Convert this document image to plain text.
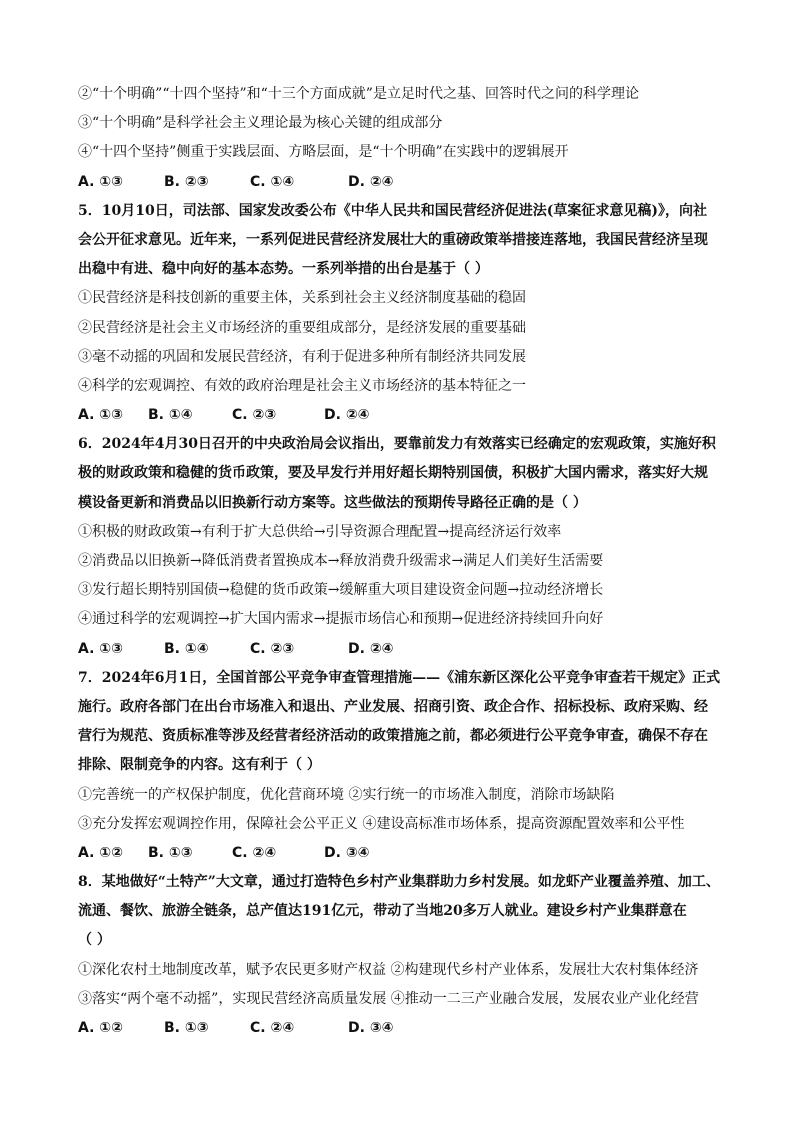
②“十个明确”“十四个坚持”和“十三个方面成就”是立足时代之基、回答时代之问的科学理论
③“十个明确”是科学社会主义理论最为核心关键的组成部分
④“十四个坚持”侧重于实践层面、方略层面，是“十个明确”在实践中的逻辑展开
A. ①③	B. ②③	C. ①④	D. ②④
5．10月10日，司法部、国家发改委公布《中华人民共和国民营经济促进法(草案征求意见稿)》，向社
会公开征求意见。近年来，一系列促进民营经济发展壮大的重磅政策举措接连落地，我国民营经济呈现
出稳中有进、稳中向好的基本态势。一系列举措的出台是基于（ ）
①民营经济是科技创新的重要主体，关系到社会主义经济制度基础的稳固
②民营经济是社会主义市场经济的重要组成部分，是经济发展的重要基础
③毫不动摇的巩固和发展民营经济，有利于促进多种所有制经济共同发展
④科学的宏观调控、有效的政府治理是社会主义市场经济的基本特征之一
A. ①③ B. ①④	C. ②③	D. ②④
6．2024年4月30日召开的中央政治局会议指出，要靠前发力有效落实已经确定的宏观政策，实施好积
极的财政政策和稳健的货币政策，要及早发行并用好超长期特别国债，积极扩大国内需求，落实好大规
模设备更新和消费品以旧换新行动方案等。这些做法的预期传导路径正确的是（ ）
①积极的财政政策→有利于扩大总供给→引导资源合理配置→提高经济运行效率
②消费品以旧换新→降低消费者置换成本→释放消费升级需求→满足人们美好生活需要
③发行超长期特别国债→稳健的货币政策→缓解重大项目建设资金问题→拉动经济增长
④通过科学的宏观调控→扩大国内需求→提振市场信心和预期→促进经济持续回升向好
A. ①③	B. ①④	C. ②③	D. ②④
7．2024年6月1日，全国首部公平竞争审查管理措施——《浦东新区深化公平竞争审查若干规定》正式
施行。政府各部门在出台市场准入和退出、产业发展、招商引资、政企合作、招标投标、政府采购、经
营行为规范、资质标准等涉及经营者经济活动的政策措施之前，都必须进行公平竞争审查，确保不存在
排除、限制竞争的内容。这有利于（ ）
①完善统一的产权保护制度，优化营商环境 ②实行统一的市场准入制度，消除市场缺陷
③充分发挥宏观调控作用，保障社会公平正义 ④建设高标准市场体系，提高资源配置效率和公平性
A. ①② B. ①③	C. ②④	D. ③④
8．某地做好“土特产”大文章，通过打造特色乡村产业集群助力乡村发展。如龙虾产业覆盖养殖、加工、
流通、餐饮、旅游全链条，总产值达191亿元，带动了当地20多万人就业。建设乡村产业集群意在
（ ）
①深化农村土地制度改革，赋予农民更多财产权益 ②构建现代乡村产业体系，发展壮大农村集体经济
③落实“两个毫不动摇”，实现民营经济高质量发展 ④推动一二三产业融合发展，发展农业产业化经营
A. ①②	B. ①③	C. ②④	D. ③④
